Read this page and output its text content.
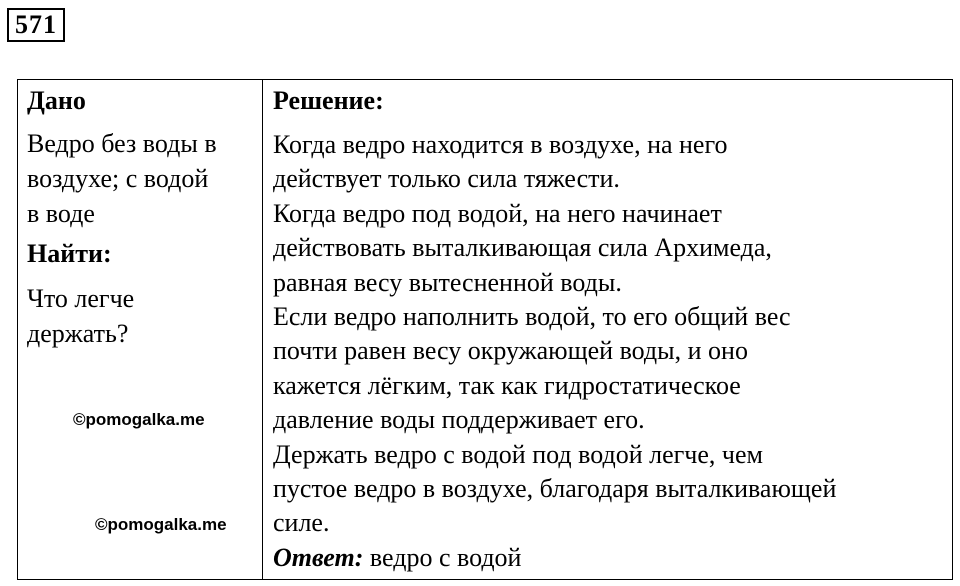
571
Дано
Ведро без воды в
воздухе; с водой
в воде
Найти:
Что легче
держать?
©pomogalka.me
©pomogalka.me
Решение:
Когда ведро находится в воздухе, на него
действует только сила тяжести.
Когда ведро под водой, на него начинает
действовать выталкивающая сила Архимеда,
равная весу вытесненной воды.
Если ведро наполнить водой, то его общий вес
почти равен весу окружающей воды, и оно
кажется лёгким, так как гидростатическое
давление воды поддерживает его.
Держать ведро с водой под водой легче, чем
пустое ведро в воздухе, благодаря выталкивающей
силе.
Ответ: ведро с водой
